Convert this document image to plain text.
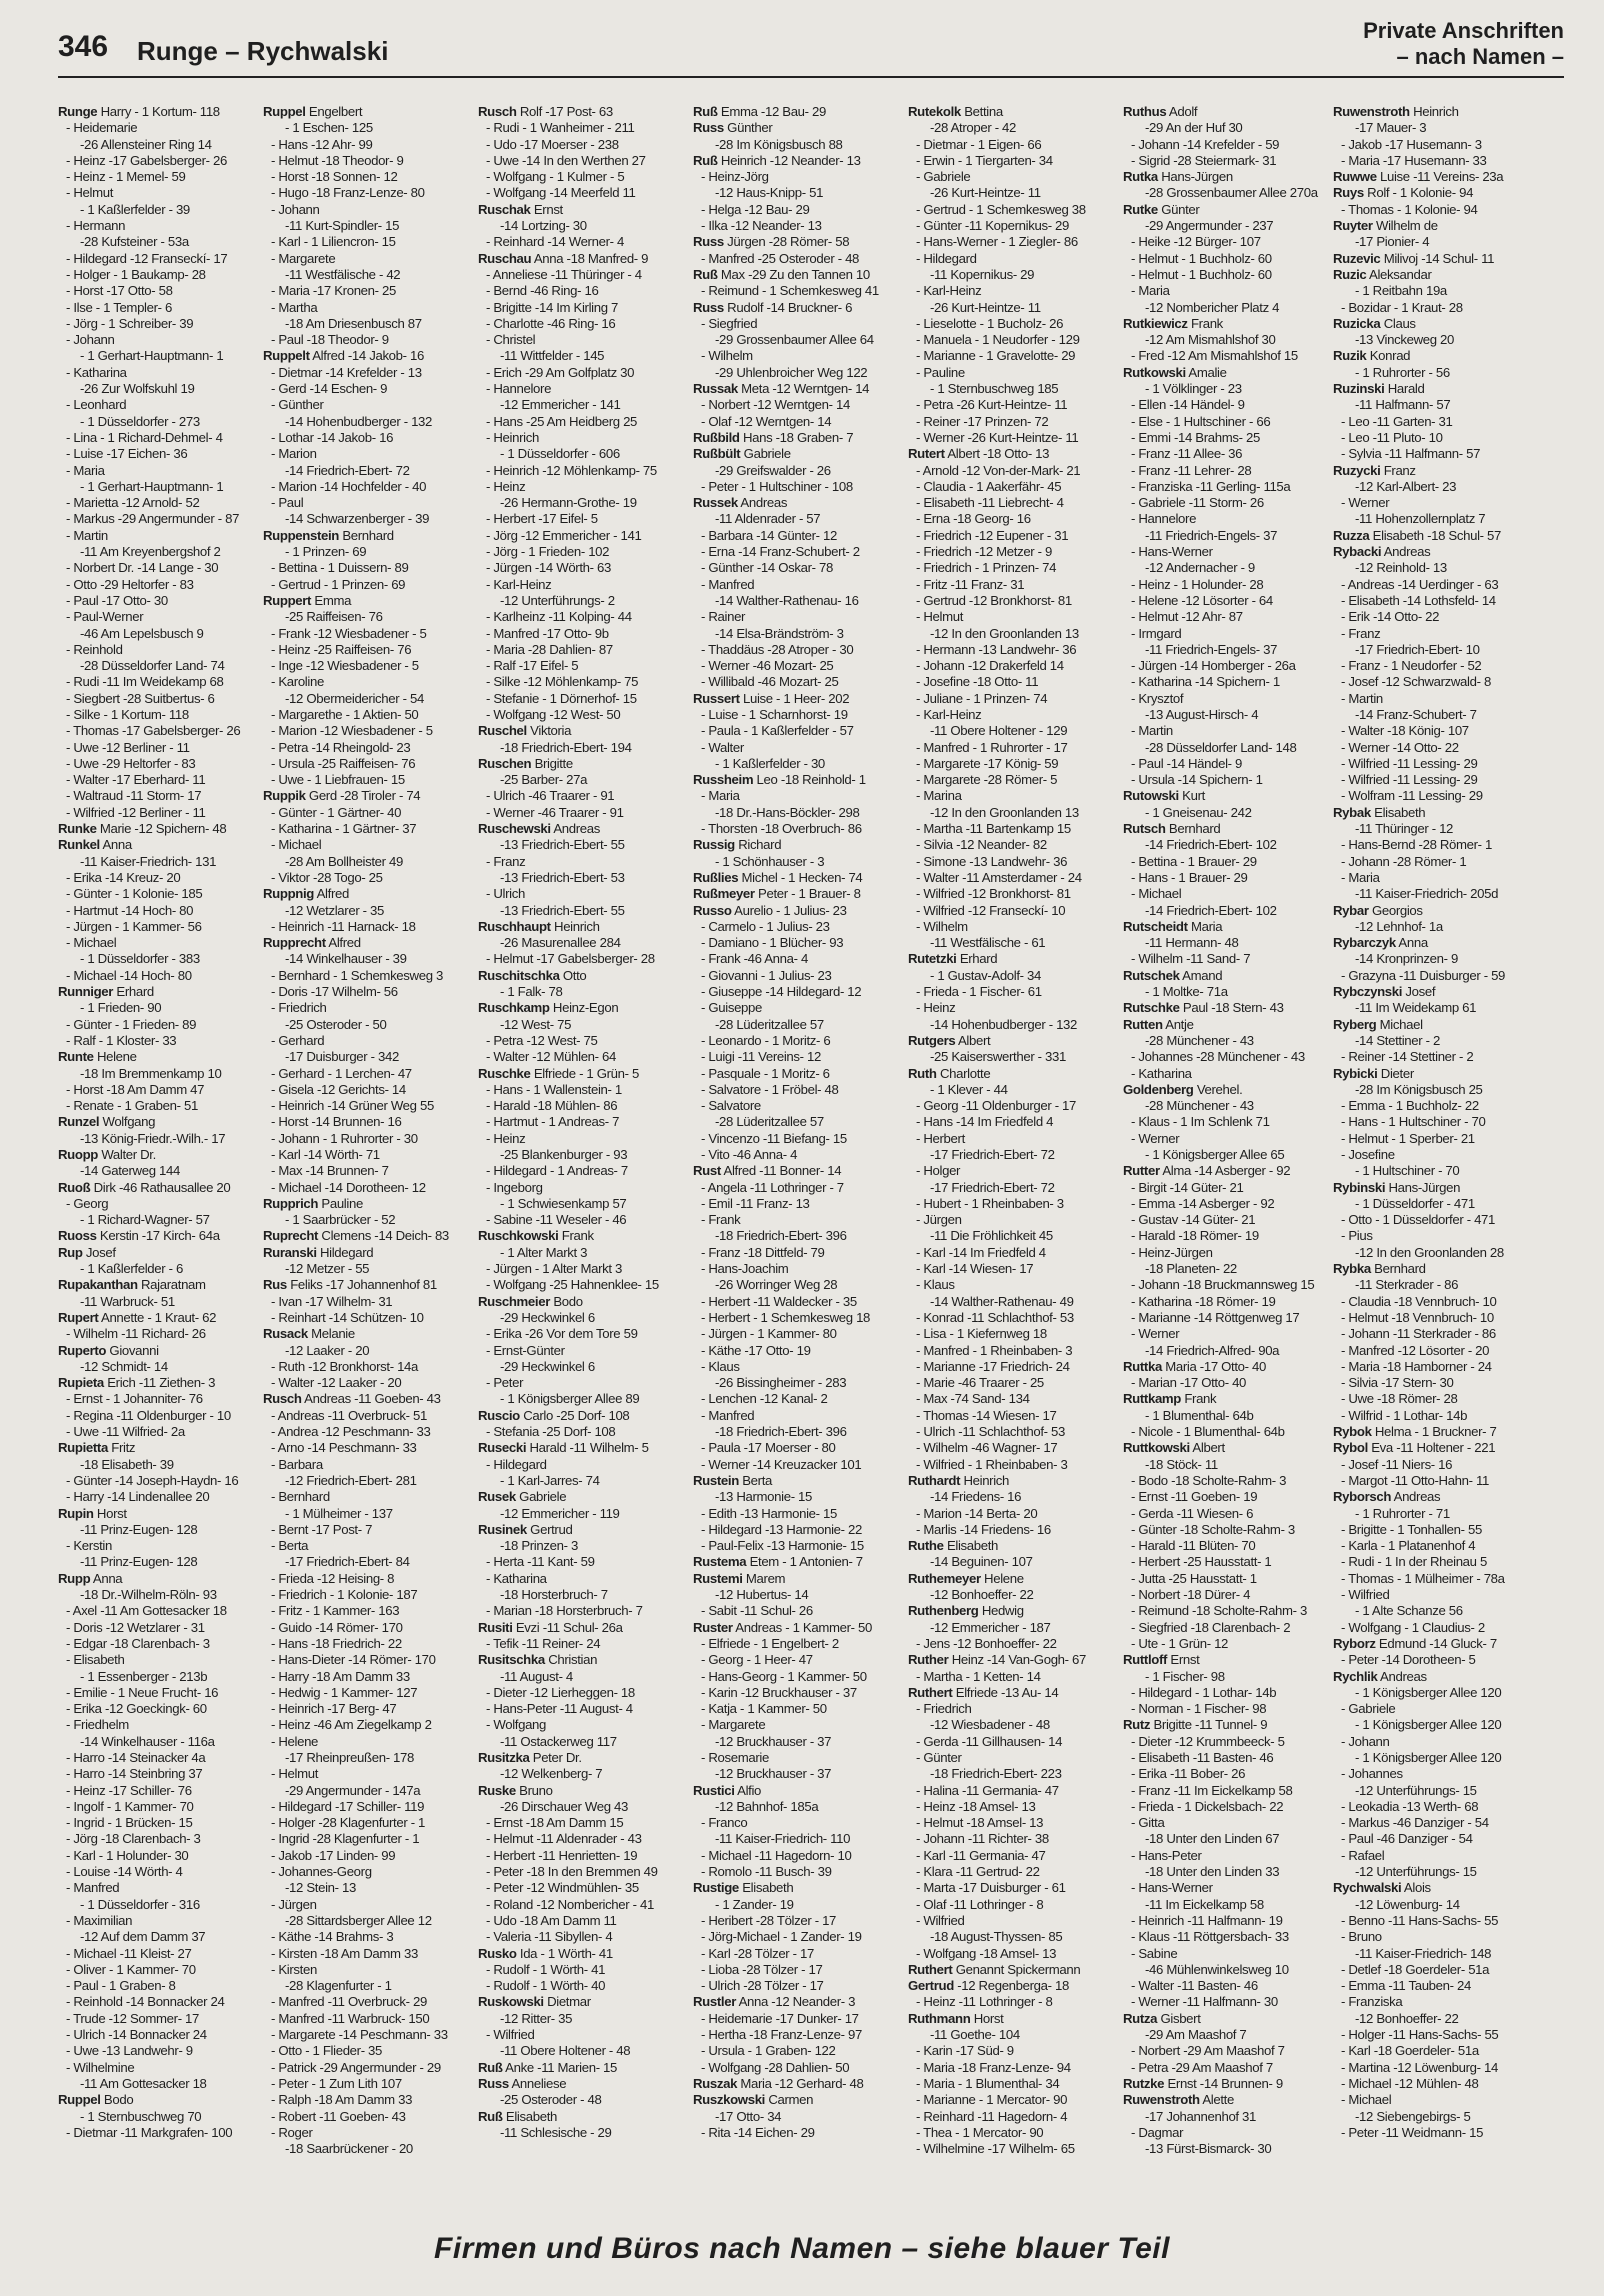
346 Runge – Rychwalski
Private Anschriften
– nach Namen –
Runge Harry - 1 Kortum- 118
- Heidemarie
-26 Allensteiner Ring 14
- Heinz -17 Gabelsberger- 26
- Heinz - 1 Memel- 59
- Helmut
- 1 Kaßlerfelder - 39
- Hermann
-28 Kufsteiner - 53a
- Hildegard -12 Franseckí- 17
- Holger - 1 Baukamp- 28
- Horst -17 Otto- 58
- Ilse - 1 Templer- 6
- Jörg - 1 Schreiber- 39
- Johann
- 1 Gerhart-Hauptmann- 1
- Katharina
-26 Zur Wolfskuhl 19
- Leonhard
- 1 Düsseldorfer - 273
- Lina - 1 Richard-Dehmel- 4
- Luise -17 Eichen- 36
- Maria
- 1 Gerhart-Hauptmann- 1
- Marietta -12 Arnold- 52
- Markus -29 Angermunder - 87
- Martin
-11 Am Kreyenbergshof 2
- Norbert Dr. -14 Lange - 30
- Otto -29 Heltorfer - 83
- Paul -17 Otto- 30
- Paul-Werner
-46 Am Lepelsbusch 9
- Reinhold
-28 Düsseldorfer Land- 74
- Rudi -11 Im Weidekamp 68
- Siegbert -28 Suitbertus- 6
- Silke - 1 Kortum- 118
- Thomas -17 Gabelsberger- 26
- Uwe -12 Berliner - 11
- Uwe -29 Heltorfer - 83
- Walter -17 Eberhard- 11
- Waltraud -11 Storm- 17
- Wilfried -12 Berliner - 11
Runke Marie -12 Spichern- 48
Runkel Anna
-11 Kaiser-Friedrich- 131
- Erika -14 Kreuz- 20
- Günter - 1 Kolonie- 185
- Hartmut -14 Hoch- 80
- Jürgen - 1 Kammer- 56
- Michael
- 1 Düsseldorfer - 383
- Michael -14 Hoch- 80
Runniger Erhard
- 1 Frieden- 90
- Günter - 1 Frieden- 89
- Ralf - 1 Kloster- 33
Runte Helene
-18 Im Bremmenkamp 10
- Horst -18 Am Damm 47
- Renate - 1 Graben- 51
Runzel Wolfgang
-13 König-Friedr.-Wilh.- 17
Ruopp Walter Dr.
-14 Gaterweg 144
Ruoß Dirk -46 Rathausallee 20
- Georg
- 1 Richard-Wagner- 57
Ruoss Kerstin -17 Kirch- 64a
Rup Josef
- 1 Kaßlerfelder - 6
Rupakanthan Rajaratnam
-11 Warbruck- 51
Rupert Annette - 1 Kraut- 62
- Wilhelm -11 Richard- 26
Ruperto Giovanni
-12 Schmidt- 14
Rupieta Erich -11 Ziethen- 3
- Ernst - 1 Johanniter- 76
- Regina -11 Oldenburger - 10
- Uwe -11 Wilfried- 2a
Rupietta Fritz
-18 Elisabeth- 39
- Günter -14 Joseph-Haydn- 16
- Harry -14 Lindenallee 20
Rupin Horst
-11 Prinz-Eugen- 128
- Kerstin
-11 Prinz-Eugen- 128
Rupp Anna
-18 Dr.-Wilhelm-Röln- 93
- Axel -11 Am Gottesacker 18
- Doris -12 Wetzlarer - 31
- Edgar -18 Clarenbach- 3
- Elisabeth
- 1 Essenberger - 213b
- Emilie - 1 Neue Frucht- 16
- Erika -12 Goeckingk- 60
- Friedhelm
-14 Winkelhauser - 116a
- Harro -14 Steinacker 4a
- Harro -14 Steinbring 37
- Heinz -17 Schiller- 76
- Ingolf - 1 Kammer- 70
- Ingrid - 1 Brücken- 15
- Jörg -18 Clarenbach- 3
- Karl - 1 Holunder- 30
- Louise -14 Wörth- 4
- Manfred
- 1 Düsseldorfer - 316
- Maximilian
-12 Auf dem Damm 37
- Michael -11 Kleist- 27
- Oliver - 1 Kammer- 70
- Paul - 1 Graben- 8
- Reinhold -14 Bonnacker 24
- Trude -12 Sommer- 17
- Ulrich -14 Bonnacker 24
- Uwe -13 Landwehr- 9
- Wilhelmine
-11 Am Gottesacker 18
Ruppel Bodo
- 1 Sternbuschweg 70
- Dietmar -11 Markgrafen- 100
Ruppel Engelbert
- 1 Eschen- 125
- Hans -12 Ahr- 99
- Helmut -18 Theodor- 9
- Horst -18 Sonnen- 12
- Hugo -18 Franz-Lenze- 80
- Johann
-11 Kurt-Spindler- 15
- Karl - 1 Liliencron- 15
- Margarete
-11 Westfälische - 42
- Maria -17 Kronen- 25
- Martha
-18 Am Driesenbusch 87
- Paul -18 Theodor- 9
Ruppelt Alfred -14 Jakob- 16
- Dietmar -14 Krefelder - 13
- Gerd -14 Eschen- 9
- Günther
-14 Hohenbudberger - 132
- Lothar -14 Jakob- 16
- Marion
-14 Friedrich-Ebert- 72
- Marion -14 Hochfelder - 40
- Paul
-14 Schwarzenberger - 39
Ruppenstein Bernhard
- 1 Prinzen- 69
- Bettina - 1 Duissern- 89
- Gertrud - 1 Prinzen- 69
Ruppert Emma
-25 Raiffeisen- 76
- Frank -12 Wiesbadener - 5
- Heinz -25 Raiffeisen- 76
- Inge -12 Wiesbadener - 5
- Karoline
-12 Obermeidericher - 54
- Margarethe - 1 Aktien- 50
- Marion -12 Wiesbadener - 5
- Petra -14 Rheingold- 23
- Ursula -25 Raiffeisen- 76
- Uwe - 1 Liebfrauen- 15
Ruppik Gerd -28 Tiroler - 74
- Günter - 1 Gärtner- 40
- Katharina - 1 Gärtner- 37
- Michael
-28 Am Bollheister 49
- Viktor -28 Togo- 25
Ruppnig Alfred
-12 Wetzlarer - 35
- Heinrich -11 Harnack- 18
Rupprecht Alfred
-14 Winkelhauser - 39
- Bernhard - 1 Schemkesweg 3
- Doris -17 Wilhelm- 56
- Friedrich
-25 Osteroder - 50
- Gerhard
-17 Duisburger - 342
- Gerhard - 1 Lerchen- 47
- Gisela -12 Gerichts- 14
- Heinrich -14 Grüner Weg 55
- Horst -14 Brunnen- 16
- Johann - 1 Ruhrorter - 30
- Karl -14 Wörth- 71
- Max -14 Brunnen- 7
- Michael -14 Dorotheen- 12
Rupprich Pauline
- 1 Saarbrücker - 52
Ruprecht Clemens -14 Deich- 83
Ruranski Hildegard
-12 Metzer - 55
Rus Feliks -17 Johannenhof 81
- Ivan -17 Wilhelm- 31
- Reinhart -14 Schützen- 10
Rusack Melanie
-12 Laaker - 20
- Ruth -12 Bronkhorst- 14a
- Walter -12 Laaker - 20
Rusch Andreas -11 Goeben- 43
- Andreas -11 Overbruck- 51
- Andrea -12 Peschmann- 33
- Arno -14 Peschmann- 33
- Barbara
-12 Friedrich-Ebert- 281
- Bernhard
- 1 Mülheimer - 137
- Bernt -17 Post- 7
- Berta
-17 Friedrich-Ebert- 84
- Frieda -12 Heising- 8
- Friedrich - 1 Kolonie- 187
- Fritz - 1 Kammer- 163
- Guido -14 Römer- 170
- Hans -18 Friedrich- 22
- Hans-Dieter -14 Römer- 170
- Harry -18 Am Damm 33
- Hedwig - 1 Kammer- 127
- Heinrich -17 Berg- 47
- Heinz -46 Am Ziegelkamp 2
- Helene
-17 Rheinpreußen- 178
- Helmut
-29 Angermunder - 147a
- Hildegard -17 Schiller- 119
- Holger -28 Klagenfurter - 1
- Ingrid -28 Klagenfurter - 1
- Jakob -17 Linden- 99
- Johannes-Georg
-12 Stein- 13
- Jürgen
-28 Sittardsberger Allee 12
- Käthe -14 Brahms- 3
- Kirsten -18 Am Damm 33
- Kirsten
-28 Klagenfurter - 1
- Manfred -11 Overbruck- 29
- Manfred -11 Warbruck- 150
- Margarete -14 Peschmann- 33
- Otto - 1 Flieder- 35
- Patrick -29 Angermunder - 29
- Peter - 1 Zum Lith 107
- Ralph -18 Am Damm 33
- Robert -11 Goeben- 43
- Roger
-18 Saarbrückener - 20
Rusch Rolf -17 Post- 63
- Rudi - 1 Wanheimer - 211
- Udo -17 Moerser - 238
- Uwe -14 In den Werthen 27
- Wolfgang - 1 Kulmer - 5
- Wolfgang -14 Meerfeld 11
Ruschak Ernst
-14 Lortzing- 30
- Reinhard -14 Werner- 4
Ruschau Anna -18 Manfred- 9
- Anneliese -11 Thüringer - 4
- Bernd -46 Ring- 16
- Brigitte -14 Im Kirling 7
- Charlotte -46 Ring- 16
- Christel
-11 Wittfelder - 145
- Erich -29 Am Golfplatz 30
- Hannelore
-12 Emmericher - 141
- Hans -25 Am Heidberg 25
- Heinrich
- 1 Düsseldorfer - 606
- Heinrich -12 Möhlenkamp- 75
- Heinz
-26 Hermann-Grothe- 19
- Herbert -17 Eifel- 5
- Jörg -12 Emmericher - 141
- Jörg - 1 Frieden- 102
- Jürgen -14 Wörth- 63
- Karl-Heinz
-12 Unterführungs- 2
- Karlheinz -11 Kolping- 44
- Manfred -17 Otto- 9b
- Maria -28 Dahlien- 87
- Ralf -17 Eifel- 5
- Silke -12 Möhlenkamp- 75
- Stefanie - 1 Dörnerhof- 15
- Wolfgang -12 West- 50
Ruschel Viktoria
-18 Friedrich-Ebert- 194
Ruschen Brigitte
-25 Barber- 27a
- Ulrich -46 Traarer - 91
- Werner -46 Traarer - 91
Ruschewski Andreas
-13 Friedrich-Ebert- 55
- Franz
-13 Friedrich-Ebert- 53
- Ulrich
-13 Friedrich-Ebert- 55
Ruschhaupt Heinrich
-26 Masurenallee 284
- Helmut -17 Gabelsberger- 28
Ruschitschka Otto
- 1 Falk- 78
Ruschkamp Heinz-Egon
-12 West- 75
- Petra -12 West- 75
- Walter -12 Mühlen- 64
Ruschke Elfriede - 1 Grün- 5
- Hans - 1 Wallenstein- 1
- Harald -18 Mühlen- 86
- Hartmut - 1 Andreas- 7
- Heinz
-25 Blankenburger - 93
- Hildegard - 1 Andreas- 7
- Ingeborg
- 1 Schwiesenkamp 57
- Sabine -11 Weseler - 46
Ruschkowski Frank
- 1 Alter Markt 3
- Jürgen - 1 Alter Markt 3
- Wolfgang -25 Hahnenklee- 15
Ruschmeier Bodo
-29 Heckwinkel 6
- Erika -26 Vor dem Tore 59
- Ernst-Günter
-29 Heckwinkel 6
- Peter
- 1 Königsberger Allee 89
Ruscio Carlo -25 Dorf- 108
- Stefania -25 Dorf- 108
Rusecki Harald -11 Wilhelm- 5
- Hildegard
- 1 Karl-Jarres- 74
Rusek Gabriele
-12 Emmericher - 119
Rusinek Gertrud
-18 Prinzen- 3
- Herta -11 Kant- 59
- Katharina
-18 Horsterbruch- 7
- Marian -18 Horsterbruch- 7
Rusiti Evzi -11 Schul- 26a
- Tefik -11 Reiner- 24
Rusitschka Christian
-11 August- 4
- Dieter -12 Lierheggen- 18
- Hans-Peter -11 August- 4
- Wolfgang
-11 Ostackerweg 117
Rusitzka Peter Dr.
-12 Welkenberg- 7
Ruske Bruno
-26 Dirschauer Weg 43
- Ernst -18 Am Damm 15
- Helmut -11 Aldenrader - 43
- Herbert -11 Henrietten- 19
- Peter -18 In den Bremmen 49
- Peter -12 Windmühlen- 35
- Roland -12 Nombericher - 41
- Udo -18 Am Damm 11
- Valeria -11 Sibyllen- 4
Rusko Ida - 1 Wörth- 41
- Rudolf - 1 Wörth- 41
- Rudolf - 1 Wörth- 40
Ruskowski Dietmar
-12 Ritter- 35
- Wilfried
-11 Obere Holtener - 48
Ruß Anke -11 Marien- 15
Russ Anneliese
-25 Osteroder - 48
Ruß Elisabeth
-11 Schlesische - 29
Ruß Emma -12 Bau- 29
Russ Günther
-28 Im Königsbusch 88
Ruß Heinrich -12 Neander- 13
- Heinz-Jörg
-12 Haus-Knipp- 51
- Helga -12 Bau- 29
- Ilka -12 Neander- 13
Russ Jürgen -28 Römer- 58
- Manfred -25 Osteroder - 48
Ruß Max -29 Zu den Tannen 10
- Reimund - 1 Schemkesweg 41
Russ Rudolf -14 Bruckner- 6
- Siegfried
-29 Grossenbaumer Allee 64
- Wilhelm
-29 Uhlenbroicher Weg 122
Russak Meta -12 Werntgen- 14
- Norbert -12 Werntgen- 14
- Olaf -12 Werntgen- 14
Rußbild Hans -18 Graben- 7
Rußbült Gabriele
-29 Greifswalder - 26
- Peter - 1 Hultschiner - 108
Russek Andreas
-11 Aldenrader - 57
- Barbara -14 Günter- 12
- Erna -14 Franz-Schubert- 2
- Günther -14 Oskar- 78
- Manfred
-14 Walther-Rathenau- 16
- Rainer
-14 Elsa-Brändström- 3
- Thaddäus -28 Atroper - 30
- Werner -46 Mozart- 25
- Willibald -46 Mozart- 25
Russert Luise - 1 Heer- 202
- Luise - 1 Scharnhorst- 19
- Paula - 1 Kaßlerfelder - 57
- Walter
- 1 Kaßlerfelder - 30
Russheim Leo -18 Reinhold- 1
- Maria
-18 Dr.-Hans-Böckler- 298
- Thorsten -18 Overbruch- 86
Russig Richard
- 1 Schönhauser - 3
Rußlies Michel - 1 Hecken- 74
Rußmeyer Peter - 1 Brauer- 8
Russo Aurelio - 1 Julius- 23
- Carmelo - 1 Julius- 23
- Damiano - 1 Blücher- 93
- Frank -46 Anna- 4
- Giovanni - 1 Julius- 23
- Giuseppe -14 Hildegard- 12
- Guiseppe
-28 Lüderitzallee 57
- Leonardo - 1 Moritz- 6
- Luigi -11 Vereins- 12
- Pasquale - 1 Moritz- 6
- Salvatore - 1 Fröbel- 48
- Salvatore
-28 Lüderitzallee 57
- Vincenzo -11 Biefang- 15
- Vito -46 Anna- 4
Rust Alfred -11 Bonner- 14
- Angela -11 Lothringer - 7
- Emil -11 Franz- 13
- Frank
-18 Friedrich-Ebert- 396
- Franz -18 Dittfeld- 79
- Hans-Joachim
-26 Worringer Weg 28
- Herbert -11 Waldecker - 35
- Herbert - 1 Schemkesweg 18
- Jürgen - 1 Kammer- 80
- Käthe -17 Otto- 19
- Klaus
-26 Bissingheimer - 283
- Lenchen -12 Kanal- 2
- Manfred
-18 Friedrich-Ebert- 396
- Paula -17 Moerser - 80
- Werner -14 Kreuzacker 101
Rustein Berta
-13 Harmonie- 15
- Edith -13 Harmonie- 15
- Hildegard -13 Harmonie- 22
- Paul-Felix -13 Harmonie- 15
Rustema Etem - 1 Antonien- 7
Rustemi Marem
-12 Hubertus- 14
- Sabit -11 Schul- 26
Ruster Andreas - 1 Kammer- 50
- Elfriede - 1 Engelbert- 2
- Georg - 1 Heer- 47
- Hans-Georg - 1 Kammer- 50
- Karin -12 Bruckhauser - 37
- Katja - 1 Kammer- 50
- Margarete
-12 Bruckhauser - 37
- Rosemarie
-12 Bruckhauser - 37
Rustici Alfio
-12 Bahnhof- 185a
- Franco
-11 Kaiser-Friedrich- 110
- Michael -11 Hagedorn- 10
- Romolo -11 Busch- 39
Rustige Elisabeth
- 1 Zander- 19
- Heribert -28 Tölzer - 17
- Jörg-Michael - 1 Zander- 19
- Karl -28 Tölzer - 17
- Lioba -28 Tölzer - 17
- Ulrich -28 Tölzer - 17
Rustler Anna -12 Neander- 3
- Heidemarie -17 Dunker- 17
- Hertha -18 Franz-Lenze- 97
- Ursula - 1 Graben- 122
- Wolfgang -28 Dahlien- 50
Ruszak Maria -12 Gerhard- 48
Ruszkowski Carmen
-17 Otto- 34
- Rita -14 Eichen- 29
Rutekolk Bettina
-28 Atroper - 42
- Dietmar - 1 Eigen- 66
- Erwin - 1 Tiergarten- 34
- Gabriele
-26 Kurt-Heintze- 11
- Gertrud - 1 Schemkesweg 38
- Günter -11 Kopernikus- 29
- Hans-Werner - 1 Ziegler- 86
- Hildegard
-11 Kopernikus- 29
- Karl-Heinz
-26 Kurt-Heintze- 11
- Lieselotte - 1 Bucholz- 26
- Manuela - 1 Neudorfer - 129
- Marianne - 1 Gravelotte- 29
- Pauline
- 1 Sternbuschweg 185
- Petra -26 Kurt-Heintze- 11
- Reiner -17 Prinzen- 72
- Werner -26 Kurt-Heintze- 11
Rutert Albert -18 Otto- 13
- Arnold -12 Von-der-Mark- 21
- Claudia - 1 Aakerfähr- 45
- Elisabeth -11 Liebrecht- 4
- Erna -18 Georg- 16
- Friedrich -12 Eupener - 31
- Friedrich -12 Metzer - 9
- Friedrich - 1 Prinzen- 74
- Fritz -11 Franz- 31
- Gertrud -12 Bronkhorst- 81
- Helmut
-12 In den Groonlanden 13
- Hermann -13 Landwehr- 36
- Johann -12 Drakerfeld 14
- Josefine -18 Otto- 11
- Juliane - 1 Prinzen- 74
- Karl-Heinz
-11 Obere Holtener - 129
- Manfred - 1 Ruhrorter - 17
- Margarete -17 König- 59
- Margarete -28 Römer- 5
- Marina
-12 In den Groonlanden 13
- Martha -11 Bartenkamp 15
- Silvia -12 Neander- 82
- Simone -13 Landwehr- 36
- Walter -11 Amsterdamer - 24
- Wilfried -12 Bronkhorst- 81
- Wilfried -12 Franseckí- 10
- Wilhelm
-11 Westfälische - 61
Rutetzki Erhard
- 1 Gustav-Adolf- 34
- Frieda - 1 Fischer- 61
- Heinz
-14 Hohenbudberger - 132
Rutgers Albert
-25 Kaiserswerther - 331
Ruth Charlotte
- 1 Klever - 44
- Georg -11 Oldenburger - 17
- Hans -14 Im Friedfeld 4
- Herbert
-17 Friedrich-Ebert- 72
- Holger
-17 Friedrich-Ebert- 72
- Hubert - 1 Rheinbaben- 3
- Jürgen
-11 Die Fröhlichkeit 45
- Karl -14 Im Friedfeld 4
- Karl -14 Wiesen- 17
- Klaus
-14 Walther-Rathenau- 49
- Konrad -11 Schlachthof- 53
- Lisa - 1 Kiefernweg 18
- Manfred - 1 Rheinbaben- 3
- Marianne -17 Friedrich- 24
- Marie -46 Traarer - 25
- Max -74 Sand- 134
- Thomas -14 Wiesen- 17
- Ulrich -11 Schlachthof- 53
- Wilhelm -46 Wagner- 17
- Wilfried - 1 Rheinbaben- 3
Ruthardt Heinrich
-14 Friedens- 16
- Marion -14 Berta- 20
- Marlis -14 Friedens- 16
Ruthe Elisabeth
-14 Beguinen- 107
Ruthemeyer Helene
-12 Bonhoeffer- 22
Ruthenberg Hedwig
-12 Emmericher - 187
- Jens -12 Bonhoeffer- 22
Ruther Heinz -14 Van-Gogh- 67
- Martha - 1 Ketten- 14
Ruthert Elfriede -13 Au- 14
- Friedrich
-12 Wiesbadener - 48
- Gerda -11 Gillhausen- 14
- Günter
-18 Friedrich-Ebert- 223
- Halina -11 Germania- 47
- Heinz -18 Amsel- 13
- Helmut -18 Amsel- 13
- Johann -11 Richter- 38
- Karl -11 Germania- 47
- Klara -11 Gertrud- 22
- Marta -17 Duisburger - 61
- Olaf -11 Lothringer - 8
- Wilfried
-18 August-Thyssen- 85
- Wolfgang -18 Amsel- 13
Ruthert Genannt Spickermann
Gertrud -12 Regenberga- 18
- Heinz -11 Lothringer - 8
Ruthmann Horst
-11 Goethe- 104
- Karin -17 Süd- 9
- Maria -18 Franz-Lenze- 94
- Maria - 1 Blumenthal- 34
- Marianne - 1 Mercator- 90
- Reinhard -11 Hagedorn- 4
- Thea - 1 Mercator- 90
- Wilhelmine -17 Wilhelm- 65
Ruthus Adolf
-29 An der Huf 30
- Johann -14 Krefelder - 59
- Sigrid -28 Steiermark- 31
Rutka Hans-Jürgen
-28 Grossenbaumer Allee 270a
Rutke Günter
-29 Angermunder - 237
- Heike -12 Bürger- 107
- Helmut - 1 Buchholz- 60
- Helmut - 1 Buchholz- 60
- Maria
-12 Nombericher Platz 4
Rutkiewicz Frank
-12 Am Mismahlshof 30
- Fred -12 Am Mismahlshof 15
Rutkowski Amalie
- 1 Völklinger - 23
- Ellen -14 Händel- 9
- Else - 1 Hultschiner - 66
- Emmi -14 Brahms- 25
- Franz -11 Allee- 36
- Franz -11 Lehrer- 28
- Franziska -11 Gerling- 115a
- Gabriele -11 Storm- 26
- Hannelore
-11 Friedrich-Engels- 37
- Hans-Werner
-12 Andernacher - 9
- Heinz - 1 Holunder- 28
- Helene -12 Lösorter - 64
- Helmut -12 Ahr- 87
- Irmgard
-11 Friedrich-Engels- 37
- Jürgen -14 Homberger - 26a
- Katharina -14 Spichern- 1
- Krysztof
-13 August-Hirsch- 4
- Martin
-28 Düsseldorfer Land- 148
- Paul -14 Händel- 9
- Ursula -14 Spichern- 1
Rutowski Kurt
- 1 Gneisenau- 242
Rutsch Bernhard
-14 Friedrich-Ebert- 102
- Bettina - 1 Brauer- 29
- Hans - 1 Brauer- 29
- Michael
-14 Friedrich-Ebert- 102
Rutscheidt Maria
-11 Hermann- 48
- Wilhelm -11 Sand- 7
Rutschek Amand
- 1 Moltke- 71a
Rutschke Paul -18 Stern- 43
Rutten Antje
-28 Münchener - 43
- Johannes -28 Münchener - 43
- Katharina
Goldenberg Verehel.
-28 Münchener - 43
- Klaus - 1 Im Schlenk 71
- Werner
- 1 Königsberger Allee 65
Rutter Alma -14 Asberger - 92
- Birgit -14 Güter- 21
- Emma -14 Asberger - 92
- Gustav -14 Güter- 21
- Harald -18 Römer- 19
- Heinz-Jürgen
-18 Planeten- 22
- Johann -18 Bruckmannsweg 15
- Katharina -18 Römer- 19
- Marianne -14 Röttgenweg 17
- Werner
-14 Friedrich-Alfred- 90a
Ruttka Maria -17 Otto- 40
- Marian -17 Otto- 40
Ruttkamp Frank
- 1 Blumenthal- 64b
- Nicole - 1 Blumenthal- 64b
Ruttkowski Albert
-18 Stöck- 11
- Bodo -18 Scholte-Rahm- 3
- Ernst -11 Goeben- 19
- Gerda -11 Wiesen- 6
- Günter -18 Scholte-Rahm- 3
- Harald -11 Blüten- 70
- Herbert -25 Hausstatt- 1
- Jutta -25 Hausstatt- 1
- Norbert -18 Dürer- 4
- Reimund -18 Scholte-Rahm- 3
- Siegfried -18 Clarenbach- 2
- Ute - 1 Grün- 12
Ruttloff Ernst
- 1 Fischer- 98
- Hildegard - 1 Lothar- 14b
- Norman - 1 Fischer- 98
Rutz Brigitte -11 Tunnel- 9
- Dieter -12 Krummbeeck- 5
- Elisabeth -11 Basten- 46
- Erika -11 Bober- 26
- Franz -11 Im Eickelkamp 58
- Frieda - 1 Dickelsbach- 22
- Gitta
-18 Unter den Linden 67
- Hans-Peter
-18 Unter den Linden 33
- Hans-Werner
-11 Im Eickelkamp 58
- Heinrich -11 Halfmann- 19
- Klaus -11 Röttgersbach- 33
- Sabine
-46 Mühlenwinkelsweg 10
- Walter -11 Basten- 46
- Werner -11 Halfmann- 30
Rutza Gisbert
-29 Am Maashof 7
- Norbert -29 Am Maashof 7
- Petra -29 Am Maashof 7
Rutzke Ernst -14 Brunnen- 9
Ruwenstroth Alette
-17 Johannenhof 31
- Dagmar
-13 Fürst-Bismarck- 30
Ruwenstroth Heinrich
-17 Mauer- 3
- Jakob -17 Husemann- 3
- Maria -17 Husemann- 33
Ruwwe Luise -11 Vereins- 23a
Ruys Rolf - 1 Kolonie- 94
- Thomas - 1 Kolonie- 94
Ruyter Wilhelm de
-17 Pionier- 4
Ruzevic Milivoj -14 Schul- 11
Ruzic Aleksandar
- 1 Reitbahn 19a
- Bozidar - 1 Kraut- 28
Ruzicka Claus
-13 Vinckeweg 20
Ruzik Konrad
- 1 Ruhrorter - 56
Ruzinski Harald
-11 Halfmann- 57
- Leo -11 Garten- 31
- Leo -11 Pluto- 10
- Sylvia -11 Halfmann- 57
Ruzycki Franz
-12 Karl-Albert- 23
- Werner
-11 Hohenzollernplatz 7
Ruzza Elisabeth -18 Schul- 57
Rybacki Andreas
-12 Reinhold- 13
- Andreas -14 Uerdinger - 63
- Elisabeth -14 Lothsfeld- 14
- Erik -14 Otto- 22
- Franz
-17 Friedrich-Ebert- 10
- Franz - 1 Neudorfer - 52
- Josef -12 Schwarzwald- 8
- Martin
-14 Franz-Schubert- 7
- Walter -18 König- 107
- Werner -14 Otto- 22
- Wilfried -11 Lessing- 29
- Wilfried -11 Lessing- 29
- Wolfram -11 Lessing- 29
Rybak Elisabeth
-11 Thüringer - 12
- Hans-Bernd -28 Römer- 1
- Johann -28 Römer- 1
- Maria
-11 Kaiser-Friedrich- 205d
Rybar Georgios
-12 Lehnhof- 1a
Rybarczyk Anna
-14 Kronprinzen- 9
- Grazyna -11 Duisburger - 59
Rybczynski Josef
-11 Im Weidekamp 61
Ryberg Michael
-14 Stettiner - 2
- Reiner -14 Stettiner - 2
Rybicki Dieter
-28 Im Königsbusch 25
- Emma - 1 Buchholz- 22
- Hans - 1 Hultschiner - 70
- Helmut - 1 Sperber- 21
- Josefine
- 1 Hultschiner - 70
Rybinski Hans-Jürgen
- 1 Düsseldorfer - 471
- Otto - 1 Düsseldorfer - 471
- Pius
-12 In den Groonlanden 28
Rybka Bernhard
-11 Sterkrader - 86
- Claudia -18 Vennbruch- 10
- Helmut -18 Vennbruch- 10
- Johann -11 Sterkrader - 86
- Manfred -12 Lösorter - 20
- Maria -18 Hamborner - 24
- Silvia -17 Stern- 30
- Uwe -18 Römer- 28
- Wilfrid - 1 Lothar- 14b
Rybok Helma - 1 Bruckner- 7
Rybol Eva -11 Holtener - 221
- Josef -11 Niers- 16
- Margot -11 Otto-Hahn- 11
Ryborsch Andreas
- 1 Ruhrorter - 71
- Brigitte - 1 Tonhallen- 55
- Karla - 1 Platanenhof 4
- Rudi - 1 In der Rheinau 5
- Thomas - 1 Mülheimer - 78a
- Wilfried
- 1 Alte Schanze 56
- Wolfgang - 1 Claudius- 2
Ryborz Edmund -14 Gluck- 7
- Peter -14 Dorotheen- 5
Rychlik Andreas
- 1 Königsberger Allee 120
- Gabriele
- 1 Königsberger Allee 120
- Johann
- 1 Königsberger Allee 120
- Johannes
-12 Unterführungs- 15
- Leokadia -13 Werth- 68
- Markus -46 Danziger - 54
- Paul -46 Danziger - 54
- Rafael
-12 Unterführungs- 15
Rychwalski Alois
-12 Löwenburg- 14
- Benno -11 Hans-Sachs- 55
- Bruno
-11 Kaiser-Friedrich- 148
- Detlef -18 Goerdeler- 51a
- Emma -11 Tauben- 24
- Franziska
-12 Bonhoeffer- 22
- Holger -11 Hans-Sachs- 55
- Karl -18 Goerdeler- 51a
- Martina -12 Löwenburg- 14
- Michael -12 Mühlen- 48
- Michael
-12 Siebengebirgs- 5
- Peter -11 Weidmann- 15
Firmen und Büros nach Namen – siehe blauer Teil
